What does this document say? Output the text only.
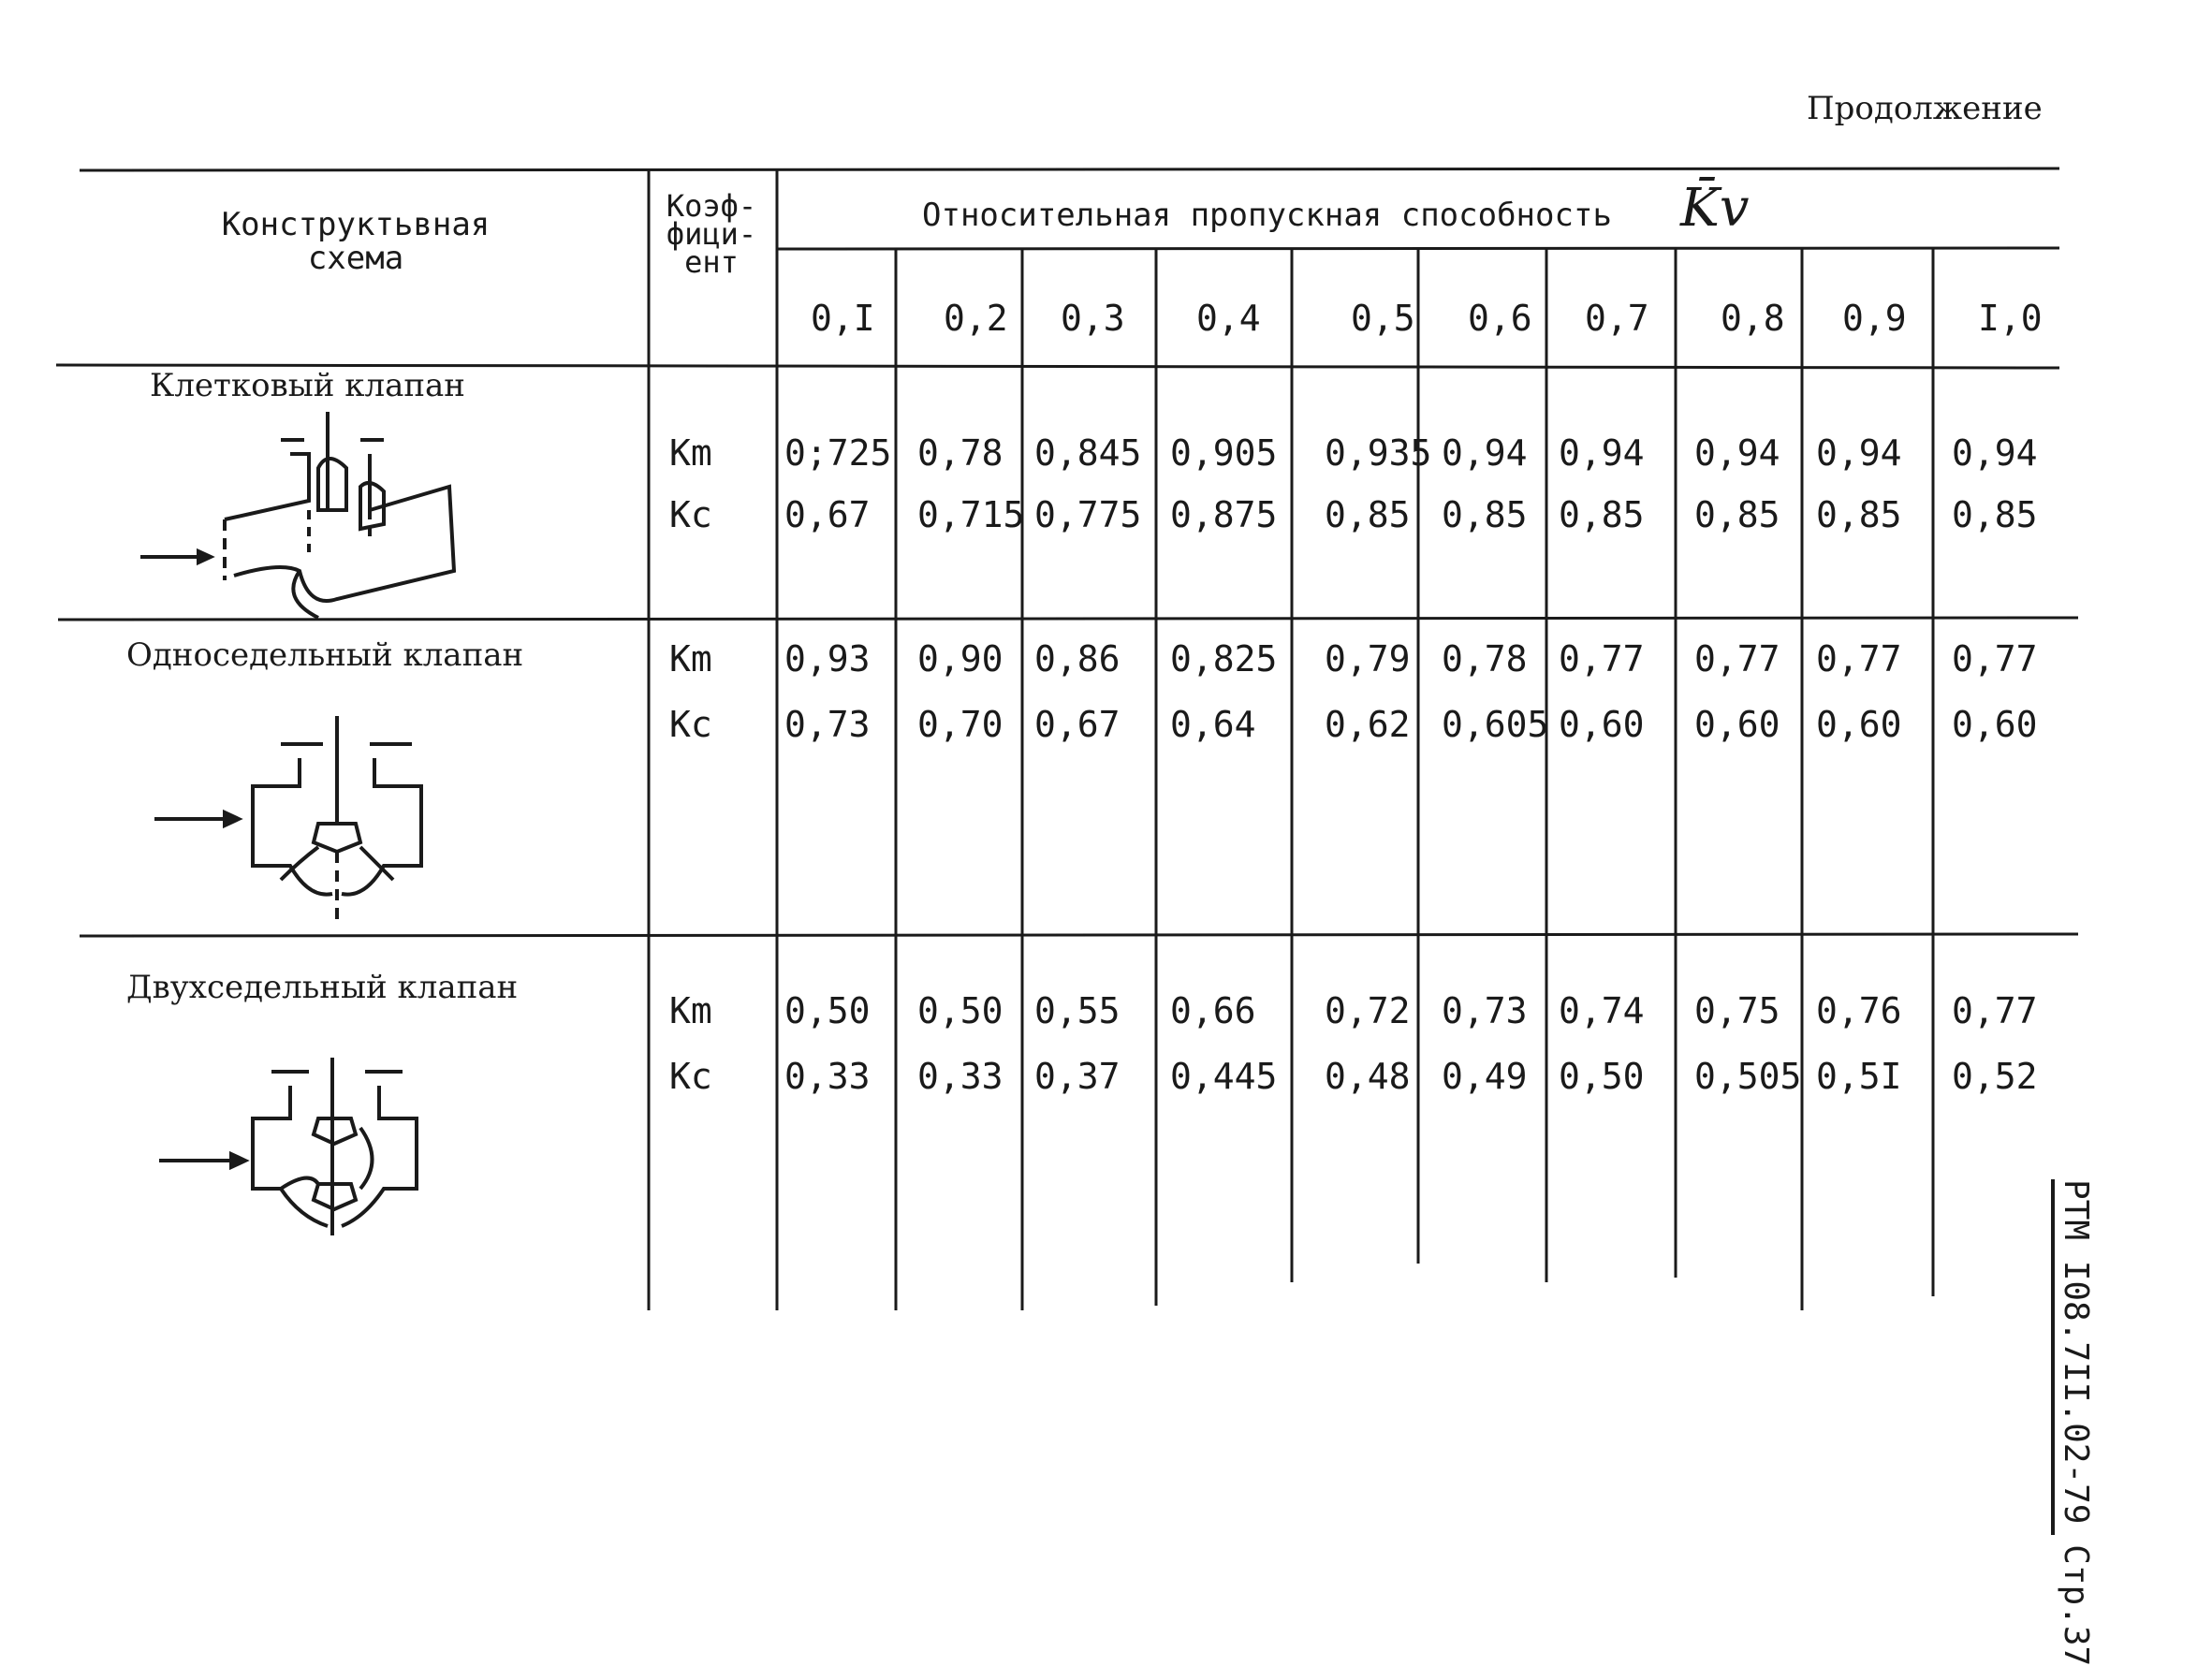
Продолжение
Конструктьвная схема
Коэф-фици-ент
Относительная пропускная способность K̄v
0,I 0,2 0,3 0,4	0,5 0,6 0,7 0,8 0,9 I,0
Клетковый клапан
Односедельный клапан
Двухседельный клапан
Km
Kc
Km
Kc
Km
Kc
0;725 0,78 0,845 0,905 0,935 0,94 0,94 0,94 0,94 0,94
0,67 0,715 0,775 0,875 0,85 0,85 0,85 0,85 0,85 0,85
0,93 0,90 0,86 0,825 0,79 0,78 0,77 0,77 0,77 0,77
0,73 0,70 0,67 0,64 0,62 0,605 0,60 0,60 0,60 0,60
0,50 0,50 0,55 0,66 0,72 0,73 0,74 0,75 0,76 0,77
0,33 0,33 0,37 0,445 0,48 0,49 0,50 0,505 0,5I 0,52
РТМ I08.7II.02-79 Стр.37
